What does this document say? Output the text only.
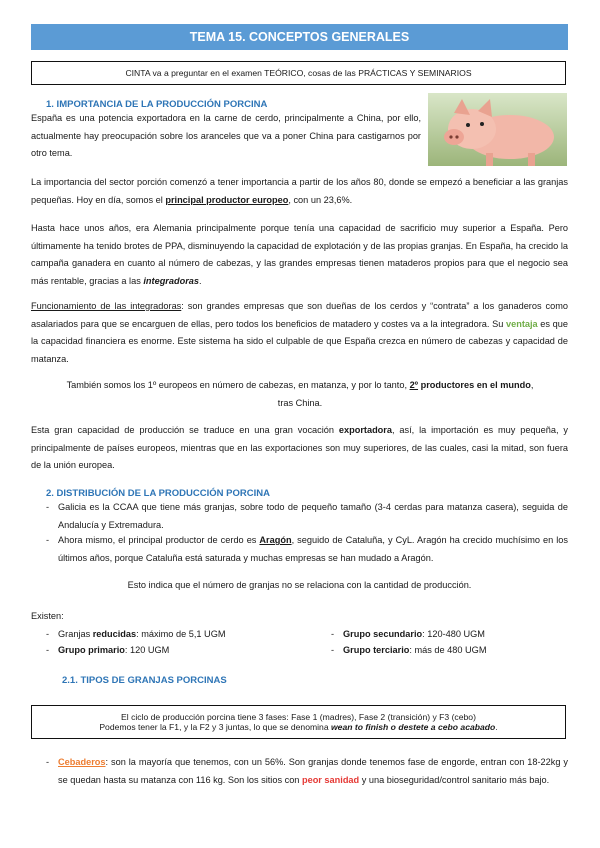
TEMA 15. CONCEPTOS GENERALES
CINTA va a preguntar en el examen TEÓRICO, cosas de las PRÁCTICAS Y SEMINARIOS
1. IMPORTANCIA DE LA PRODUCCIÓN PORCINA
España es una potencia exportadora en la carne de cerdo, principalmente a China, por ello, actualmente hay preocupación sobre los aranceles que va a poner China para castigarnos por otro tema.
La importancia del sector porción comenzó a tener importancia a partir de los años 80, donde se empezó a beneficiar a las granjas pequeñas. Hoy en día, somos el principal productor europeo, con un 23,6%.
Hasta hace unos años, era Alemania principalmente porque tenía una capacidad de sacrificio muy superior a España. Pero últimamente ha tenido brotes de PPA, disminuyendo la capacidad de explotación y de las propias granjas. En España, ha crecido la campaña ganadera en cuanto al número de cabezas, y las grandes empresas tienen mataderos propios para que el negocio sea más rentable, gracias a las integradoras.
Funcionamiento de las integradoras: son grandes empresas que son dueñas de los cerdos y “contrata” a los ganaderos como asalariados para que se encarguen de ellas, pero todos los beneficios de matadero y costes va a la integradora. Su ventaja es que la capacidad financiera es enorme. Este sistema ha sido el culpable de que España crezca en número de cabezas y capacidad de matanza.
También somos los 1º europeos en número de cabezas, en matanza, y por lo tanto, 2º productores en el mundo, tras China.
Esta gran capacidad de producción se traduce en una gran vocación exportadora, así, la importación es muy pequeña, y principalmente de países europeos, mientras que en las exportaciones son muy superiores, de las cuales, casi la mitad, son fuera de la unión europea.
2. DISTRIBUCIÓN DE LA PRODUCCIÓN PORCINA
- Galicia es la CCAA que tiene más granjas, sobre todo de pequeño tamaño (3-4 cerdas para matanza casera), seguida de Andalucía y Extremadura.
- Ahora mismo, el principal productor de cerdo es Aragón, seguido de Cataluña, y CyL. Aragón ha crecido muchísimo en los últimos años, porque Cataluña está saturada y muchas empresas se han mudado a Aragón.
Esto indica que el número de granjas no se relaciona con la cantidad de producción.
Existen:
- Granjas reducidas: máximo de 5,1 UGM
- Grupo primario: 120 UGM
- Grupo secundario: 120-480 UGM
- Grupo terciario: más de 480 UGM
2.1. TIPOS DE GRANJAS PORCINAS
El ciclo de producción porcina tiene 3 fases: Fase 1 (madres), Fase 2 (transición) y F3 (cebo)
Podemos tener la F1, y la F2 y 3 juntas, lo que se denomina wean to finish o destete a cebo acabado.
- Cebaderos: son la mayoría que tenemos, con un 56%. Son granjas donde tenemos fase de engorde, entran con 18-22kg y se quedan hasta su matanza con 116 kg. Son los sitios con peor sanidad y una bioseguridad/control sanitario más bajo.
